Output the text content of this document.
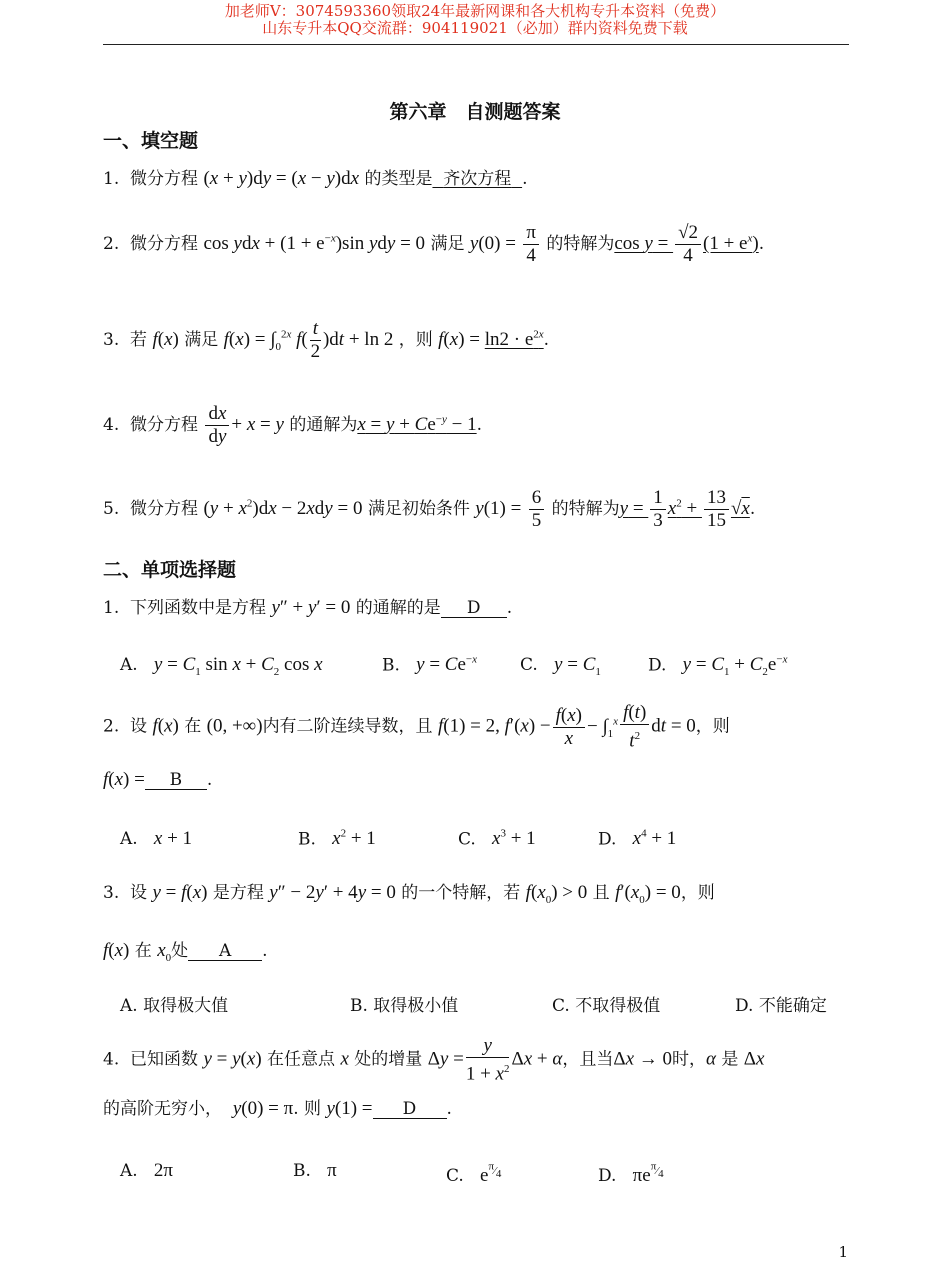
加老师V：3074593360领取24年最新网课和各大机构专升本资料（免费）
山东专升本QQ交流群：904119021（必加）群内资料免费下载
第六章　自测题答案
一、填空题
1. 微分方程 (x + y)dy = (x − y)dx 的类型是 齐次方程 .
2. 微分方程 cos ydx + $(1 + e^{-x})\sin$ ydy = 0 满足 $y(0) = \frac{\pi}{4}$ 的特解为$\cos y = \frac{√2}{4} (1 + e^x)$.
3. 若 f(x) 满足 $f(x) = \int_0^{2x}$ $f( \frac{t}{2} )dt + \ln 2$ ，则 $f(x) = \ln 2 \cdot e^{2x}$.
4. 微分方程 $\frac{dx}{dy} + x = y$ 的通解为$x = y + Ce^{-y} - 1$.
5. 微分方程 $(y + x^2)dx - 2xdy = 0$ 满足初始条件 $y(1) = \frac{6}{5}$ 的特解为$y = \frac{1}{3} x^2 + \frac{13}{15} √x$.
二、单项选择题
1. 下列函数中是方程 y″ + y′ = 0 的通解的是 D .
A. $y = C_1$ $\sin x + C_2$ cos x	B. $y = Ce^{-x}$	C. $y = C_1$	D. $y = C_1 + C_2e^{-x}$
2. 设 f(x) 在 (0, +∞)内有二阶连续导数，且 f(1) = 2, $f'(x) - \frac{f(x)}{x} - \int_1^x \frac{f(t)}{t^2}$ dt = 0，则
f(x) = B .
A. x + 1	B. $x^2 + 1$	C. $x^3 + 1$	D. $x^4 + 1$
3. 设 y = f(x) 是方程 y″ − 2y′ + 4y = 0 的一个特解，若 $f(x_0) > 0$ 且 $f'(x_0) = 0$，则
f(x) 在 $x_0$处 A .
A. 取得极大值	B. 取得极小值	C. 不取得极值	D. 不能确定
4. 已知函数 y = y(x) 在任意点 x 处的增量 $\Delta y = \frac{y}{1 + x^2}$ Δx + α，且当Δx → 0时，α 是 Δx
的高阶无穷小， y(0) = π. 则 y(1) = D .
A. 2π	B. π	C. $e^{^\pi⁄_4}$	D. $\pi e^{^\pi⁄_4}$
1
